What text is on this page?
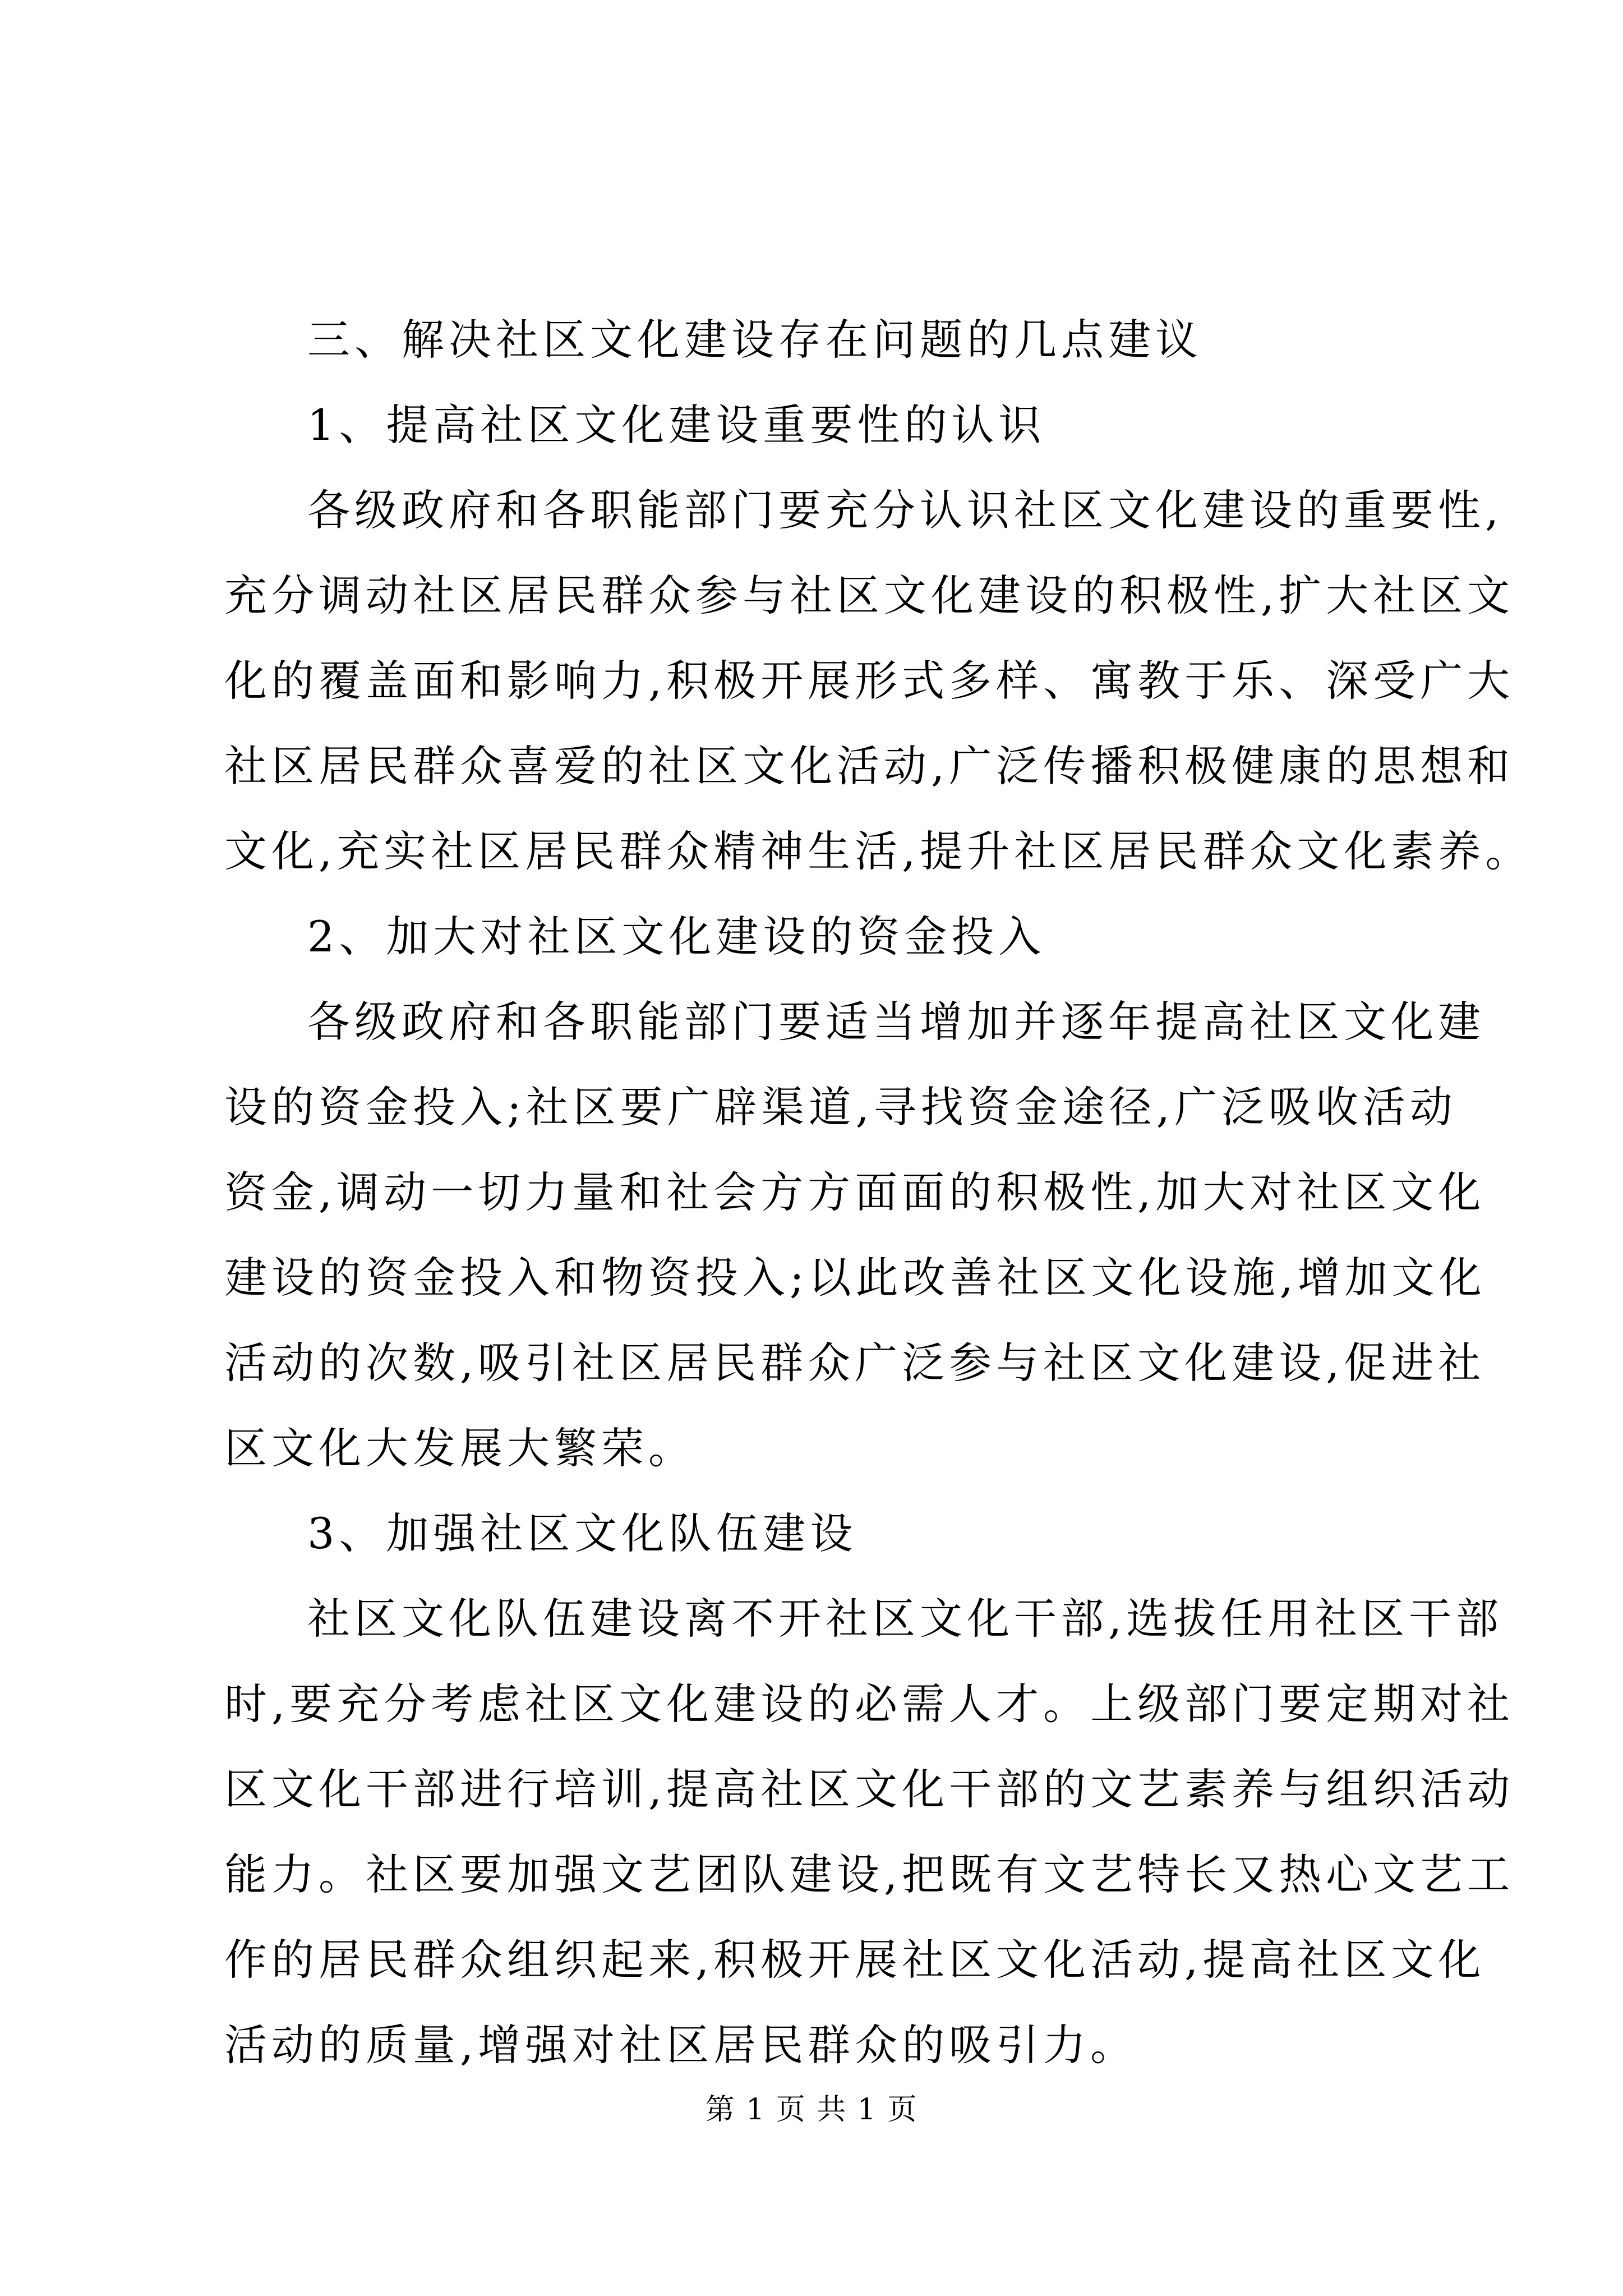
三、解决社区文化建设存在问题的几点建议
1、提高社区文化建设重要性的认识
各级政府和各职能部门要充分认识社区文化建设的重要性,
充分调动社区居民群众参与社区文化建设的积极性,扩大社区文
化的覆盖面和影响力,积极开展形式多样、寓教于乐、深受广大
社区居民群众喜爱的社区文化活动,广泛传播积极健康的思想和
文化,充实社区居民群众精神生活,提升社区居民群众文化素养。
2、加大对社区文化建设的资金投入
各级政府和各职能部门要适当增加并逐年提高社区文化建
设的资金投入;社区要广辟渠道,寻找资金途径,广泛吸收活动
资金,调动一切力量和社会方方面面的积极性,加大对社区文化
建设的资金投入和物资投入;以此改善社区文化设施,增加文化
活动的次数,吸引社区居民群众广泛参与社区文化建设,促进社
区文化大发展大繁荣。
3、加强社区文化队伍建设
社区文化队伍建设离不开社区文化干部,选拔任用社区干部
时,要充分考虑社区文化建设的必需人才。上级部门要定期对社
区文化干部进行培训,提高社区文化干部的文艺素养与组织活动
能力。社区要加强文艺团队建设,把既有文艺特长又热心文艺工
作的居民群众组织起来,积极开展社区文化活动,提高社区文化
活动的质量,增强对社区居民群众的吸引力。
第 1 页 共 1 页
